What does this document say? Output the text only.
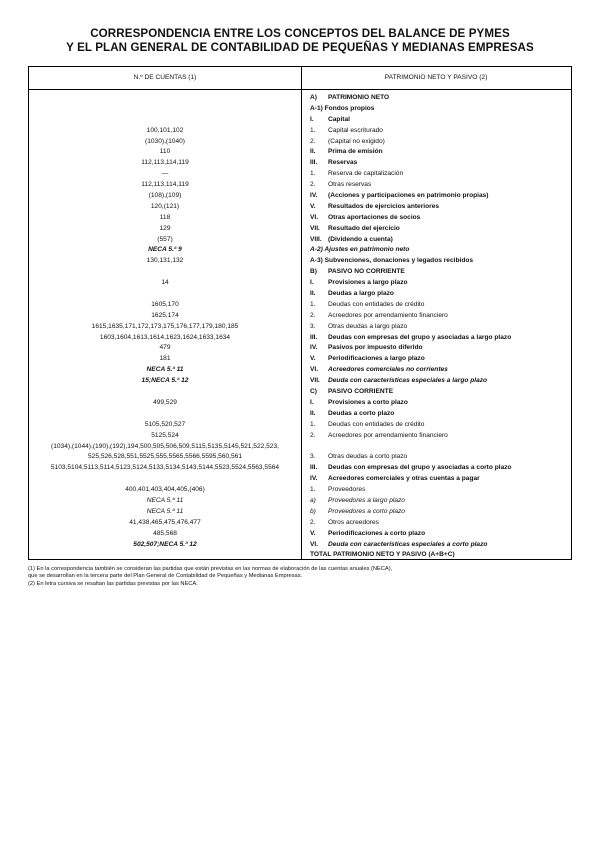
CORRESPONDENCIA ENTRE LOS CONCEPTOS DEL BALANCE DE PYMES
Y EL PLAN GENERAL DE CONTABILIDAD DE PEQUEÑAS Y MEDIANAS EMPRESAS
N.º DE CUENTAS (1)	PATRIMONIO NETO Y PASIVO (2)
A) PATRIMONIO NETO
A-1) Fondos propios
I. Capital
100,101,102	1. Capital escriturado
(1030),(1040)	2. (Capital no exigido)
110	II. Prima de emisión
112,113,114,119	III. Reservas
—	1. Reserva de capitalización
112,113,114,119	2. Otras reservas
(108),(109)	IV. (Acciones y participaciones en patrimonio propias)
120,(121)	V. Resultados de ejercicios anteriores
118	VI. Otras aportaciones de socios
129	VII. Resultado del ejercicio
(557)	VIII. (Dividendo a cuenta)
NECA 5.ª 9	A-2) Ajustes en patrimonio neto
130,131,132	A-3) Subvenciones, donaciones y legados recibidos
B) PASIVO NO CORRIENTE
14	I. Provisiones a largo plazo
II. Deudas a largo plazo
1605,170	1. Deudas con entidades de crédito
1625,174	2. Acreedores por arrendamiento financiero
1615,1635,171,172,173,175,176,177,179,180,185	3. Otras deudas a largo plazo
1603,1604,1613,1614,1623,1624,1633,1634	III. Deudas con empresas del grupo y asociadas a largo plazo
479	IV. Pasivos por impuesto diferido
181	V. Periodificaciones a largo plazo
NECA 5.ª 11	VI. Acreedores comerciales no corrientes
15;NECA 5.ª 12	VII. Deuda con características especiales a largo plazo
C) PASIVO CORRIENTE
499,529	I. Provisiones a corto plazo
II. Deudas a corto plazo
5105,520,527	1. Deudas con entidades de crédito
5125,524	2. Acreedores por arrendamiento financiero
(1034),(1044),(190),(192),194,500,505,506,509,5115,5135,5145,521,522,523,
525,526,528,551,5525,555,5565,5566,5595,560,561	3. Otras deudas a corto plazo
5103,5104,5113,5114,5123,5124,5133,5134,5143,5144,5523,5524,5563,5564	III. Deudas con empresas del grupo y asociadas a corto plazo
IV. Acreedores comerciales y otras cuentas a pagar
400,401,403,404,405,(406)	1. Proveedores
NECA 5.ª 11	a) Proveedores a largo plazo
NECA 5.ª 11	b) Proveedores a corto plazo
41,438,465,475,476,477	2. Otros acreedores
485,568	V. Periodificaciones a corto plazo
502,507;NECA 5.ª 12	VI. Deuda con características especiales a corto plazo
TOTAL PATRIMONIO NETO Y PASIVO (A+B+C)
(1) En la correspondencia también se consideran las partidas que están previstas en las normas de elaboración de las cuentas anuales (NECA),
que se desarrollan en la tercera parte del Plan General de Contabilidad de Pequeñas y Medianas Empresas.
(2) En letra cursiva se resaltan las partidas previstas por las NECA.
